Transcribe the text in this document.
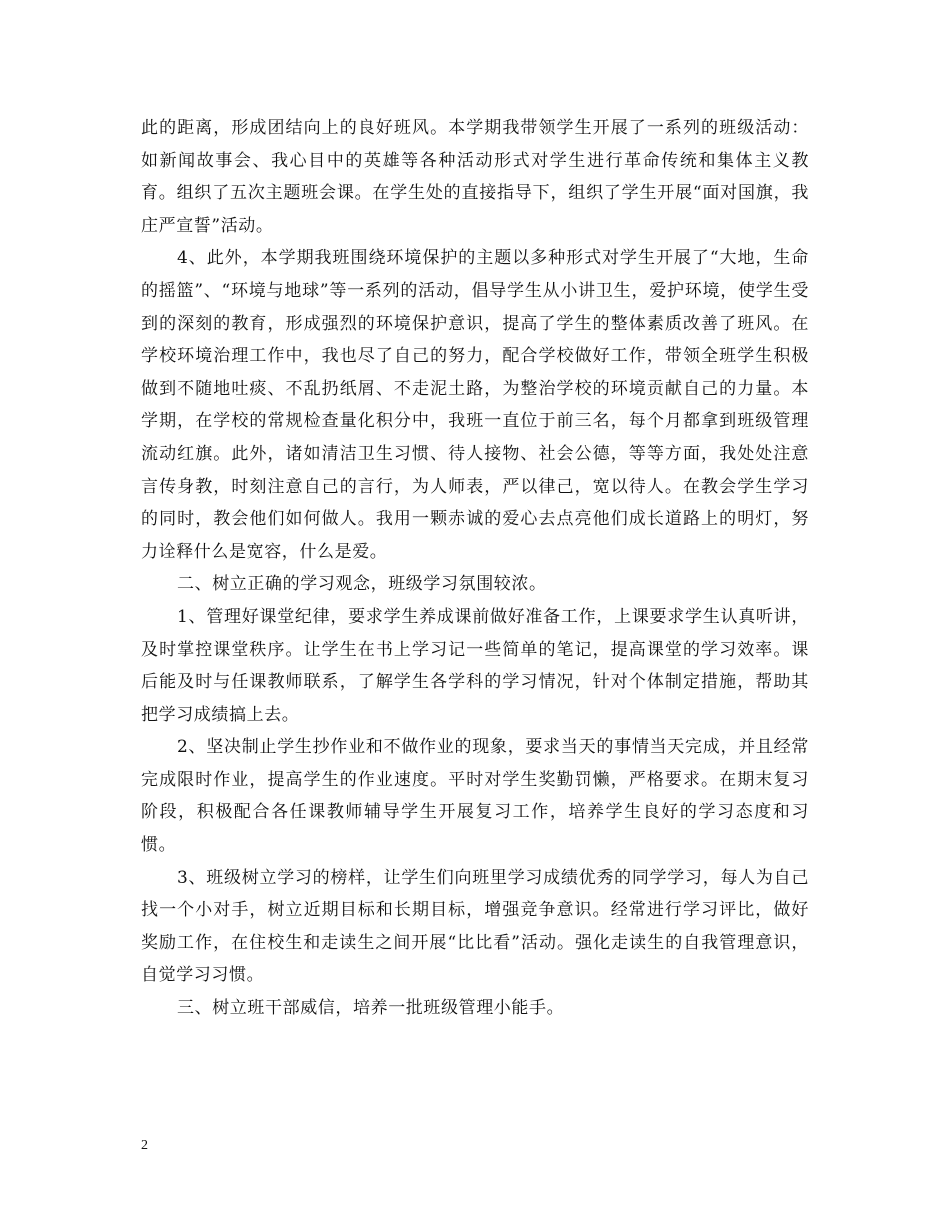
此的距离，形成团结向上的良好班风。本学期我带领学生开展了一系列的班级活动：如新闻故事会、我心目中的英雄等各种活动形式对学生进行革命传统和集体主义教育。组织了五次主题班会课。在学生处的直接指导下，组织了学生开展“面对国旗，我庄严宣誓”活动。

4、此外，本学期我班围绕环境保护的主题以多种形式对学生开展了“大地，生命的摇篮”、“环境与地球”等一系列的活动，倡导学生从小讲卫生，爱护环境，使学生受到的深刻的教育，形成强烈的环境保护意识，提高了学生的整体素质改善了班风。在学校环境治理工作中，我也尽了自己的努力，配合学校做好工作，带领全班学生积极做到不随地吐痰、不乱扔纸屑、不走泥土路，为整治学校的环境贡献自己的力量。本学期，在学校的常规检查量化积分中，我班一直位于前三名，每个月都拿到班级管理流动红旗。此外，诸如清洁卫生习惯、待人接物、社会公德，等等方面，我处处注意言传身教，时刻注意自己的言行，为人师表，严以律己，宽以待人。在教会学生学习的同时，教会他们如何做人。我用一颗赤诚的爱心去点亮他们成长道路上的明灯，努力诠释什么是宽容，什么是爱。

二、树立正确的学习观念，班级学习氛围较浓。

1、管理好课堂纪律，要求学生养成课前做好准备工作，上课要求学生认真听讲，及时掌控课堂秩序。让学生在书上学习记一些简单的笔记，提高课堂的学习效率。课后能及时与任课教师联系，了解学生各学科的学习情况，针对个体制定措施，帮助其把学习成绩搞上去。

2、坚决制止学生抄作业和不做作业的现象，要求当天的事情当天完成，并且经常完成限时作业，提高学生的作业速度。平时对学生奖勤罚懒，严格要求。在期末复习阶段，积极配合各任课教师辅导学生开展复习工作，培养学生良好的学习态度和习惯。

3、班级树立学习的榜样，让学生们向班里学习成绩优秀的同学学习，每人为自己找一个小对手，树立近期目标和长期目标，增强竞争意识。经常进行学习评比，做好奖励工作，在住校生和走读生之间开展“比比看”活动。强化走读生的自我管理意识，自觉学习习惯。

三、树立班干部威信，培养一批班级管理小能手。

2
